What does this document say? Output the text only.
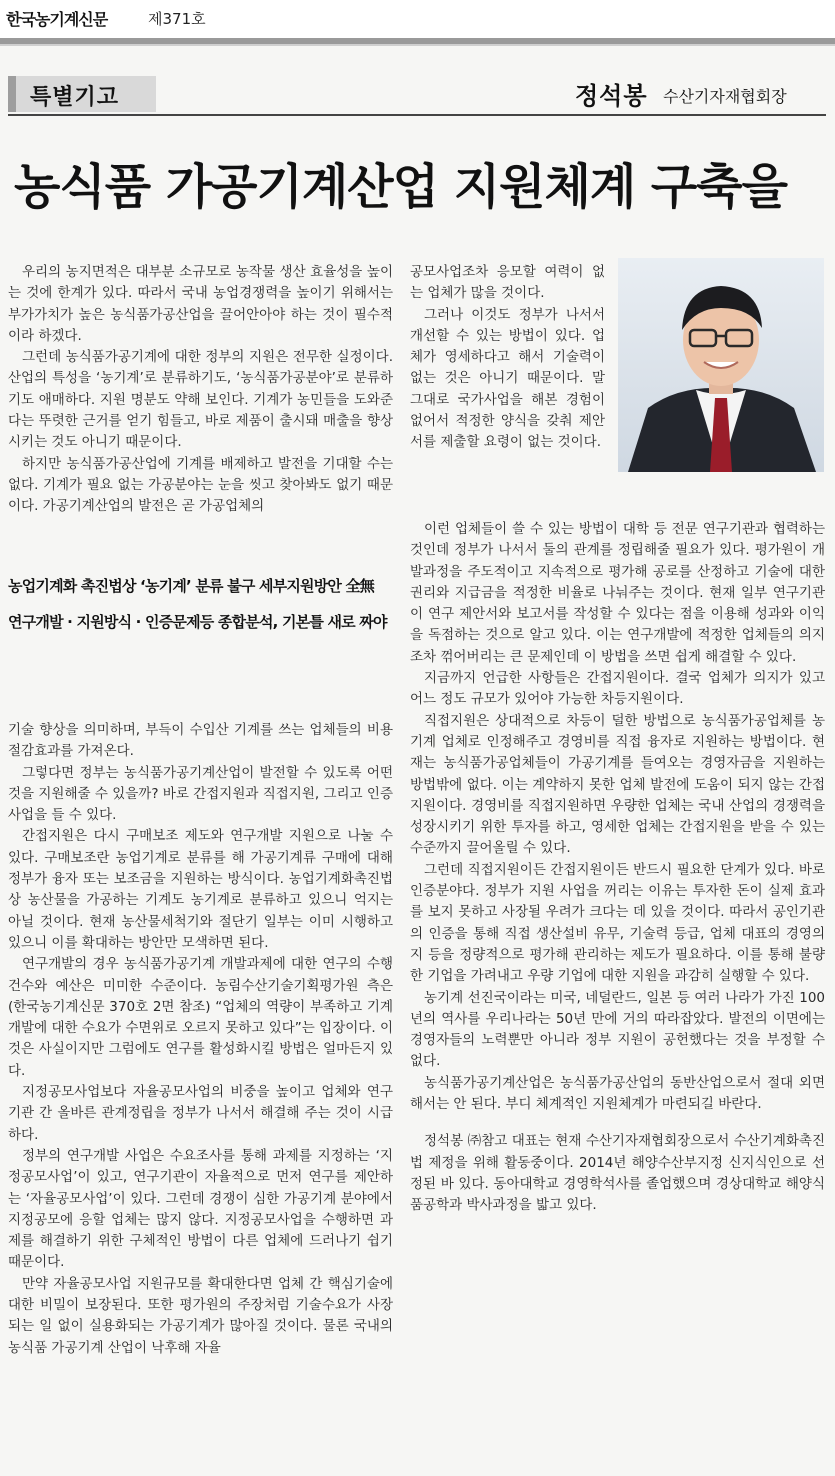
한국농기계신문	제371호
특별기고	정석봉 수산기자재협회장
농식품 가공기계산업 지원체계 구축을

우리의 농지면적은 대부분 소규모로 농작물 생산 효율성을 높이는 것에 한계가 있다. 따라서 국내 농업경쟁력을 높이기 위해서는 부가가치가 높은 농식품가공산업을 끌어안아야 하는 것이 필수적이라 하겠다.

그런데 농식품가공기계에 대한 정부의 지원은 전무한 실정이다. 산업의 특성을 ‘농기계’로 분류하기도, ‘농식품가공분야’로 분류하기도 애매하다. 지원 명분도 약해 보인다. 기계가 농민들을 도와준다는 뚜렷한 근거를 얻기 힘들고, 바로 제품이 출시돼 매출을 향상시키는 것도 아니기 때문이다.

하지만 농식품가공산업에 기계를 배제하고 발전을 기대할 수는 없다. 기계가 필요 없는 가공분야는 눈을 씻고 찾아봐도 없기 때문이다. 가공기계산업의 발전은 곧 가공업체의

농업기계화 촉진법상 ‘농기계’ 분류 불구 세부지원방안 全無
연구개발 · 지원방식 · 인증문제등 종합분석, 기본틀 새로 짜야

기술 향상을 의미하며, 부득이 수입산 기계를 쓰는 업체들의 비용 절감효과를 가져온다.

그렇다면 정부는 농식품가공기계산업이 발전할 수 있도록 어떤 것을 지원해줄 수 있을까? 바로 간접지원과 직접지원, 그리고 인증사업을 들 수 있다.

간접지원은 다시 구매보조 제도와 연구개발 지원으로 나눌 수 있다. 구매보조란 농업기계로 분류를 해 가공기계류 구매에 대해 정부가 융자 또는 보조금을 지원하는 방식이다. 농업기계화촉진법상 농산물을 가공하는 기계도 농기계로 분류하고 있으니 억지는 아닐 것이다. 현재 농산물세척기와 절단기 일부는 이미 시행하고 있으니 이를 확대하는 방안만 모색하면 된다.

연구개발의 경우 농식품가공기계 개발과제에 대한 연구의 수행 건수와 예산은 미미한 수준이다. 농림수산기술기획평가원 측은 (한국농기계신문 370호 2면 참조) “업체의 역량이 부족하고 기계 개발에 대한 수요가 수면위로 오르지 못하고 있다”는 입장이다. 이것은 사실이지만 그럼에도 연구를 활성화시킬 방법은 얼마든지 있다.

지정공모사업보다 자율공모사업의 비중을 높이고 업체와 연구기관 간 올바른 관계정립을 정부가 나서서 해결해 주는 것이 시급하다.

정부의 연구개발 사업은 수요조사를 통해 과제를 지정하는 ‘지정공모사업’이 있고, 연구기관이 자율적으로 먼저 연구를 제안하는 ‘자율공모사업’이 있다. 그런데 경쟁이 심한 가공기계 분야에서 지정공모에 응할 업체는 많지 않다. 지정공모사업을 수행하면 과제를 해결하기 위한 구체적인 방법이 다른 업체에 드러나기 쉽기 때문이다.

만약 자율공모사업 지원규모를 확대한다면 업체 간 핵심기술에 대한 비밀이 보장된다. 또한 평가원의 주장처럼 기술수요가 사장되는 일 없이 실용화되는 가공기계가 많아질 것이다. 물론 국내의 농식품 가공기계 산업이 낙후해 자율

공모사업조차 응모할 여력이 없는 업체가 많을 것이다.

그러나 이것도 정부가 나서서 개선할 수 있는 방법이 있다. 업체가 영세하다고 해서 기술력이 없는 것은 아니기 때문이다. 말 그대로 국가사업을 해본 경험이 없어서 적정한 양식을 갖춰 제안서를 제출할 요령이 없는 것이다.

이런 업체들이 쓸 수 있는 방법이 대학 등 전문 연구기관과 협력하는 것인데 정부가 나서서 둘의 관계를 정립해줄 필요가 있다. 평가원이 개발과정을 주도적이고 지속적으로 평가해 공로를 산정하고 기술에 대한 권리와 지급금을 적정한 비율로 나눠주는 것이다. 현재 일부 연구기관이 연구 제안서와 보고서를 작성할 수 있다는 점을 이용해 성과와 이익을 독점하는 것으로 알고 있다. 이는 연구개발에 적정한 업체들의 의지조차 꺾어버리는 큰 문제인데 이 방법을 쓰면 쉽게 해결할 수 있다.

지금까지 언급한 사항들은 간접지원이다. 결국 업체가 의지가 있고 어느 정도 규모가 있어야 가능한 차등지원이다.

직접지원은 상대적으로 차등이 덜한 방법으로 농식품가공업체를 농기계 업체로 인정해주고 경영비를 직접 융자로 지원하는 방법이다. 현재는 농식품가공업체들이 가공기계를 들여오는 경영자금을 지원하는 방법밖에 없다. 이는 계약하지 못한 업체 발전에 도움이 되지 않는 간접지원이다. 경영비를 직접지원하면 우량한 업체는 국내 산업의 경쟁력을 성장시키기 위한 투자를 하고, 영세한 업체는 간접지원을 받을 수 있는 수준까지 끌어올릴 수 있다.

그런데 직접지원이든 간접지원이든 반드시 필요한 단계가 있다. 바로 인증분야다. 정부가 지원 사업을 꺼리는 이유는 투자한 돈이 실제 효과를 보지 못하고 사장될 우려가 크다는 데 있을 것이다. 따라서 공인기관의 인증을 통해 직접 생산설비 유무, 기술력 등급, 업체 대표의 경영의지 등을 정량적으로 평가해 관리하는 제도가 필요하다. 이를 통해 불량한 기업을 가려내고 우량 기업에 대한 지원을 과감히 실행할 수 있다.

농기계 선진국이라는 미국, 네덜란드, 일본 등 여러 나라가 가진 100년의 역사를 우리나라는 50년 만에 거의 따라잡았다. 발전의 이면에는 경영자들의 노력뿐만 아니라 정부 지원이 공헌했다는 것을 부정할 수 없다.

농식품가공기계산업은 농식품가공산업의 동반산업으로서 절대 외면해서는 안 된다. 부디 체계적인 지원체계가 마련되길 바란다.

정석봉 ㈜참고 대표는 현재 수산기자재협회장으로서 수산기계화촉진법 제정을 위해 활동중이다. 2014년 해양수산부지정 신지식인으로 선정된 바 있다. 동아대학교 경영학석사를 졸업했으며 경상대학교 해양식품공학과 박사과정을 밟고 있다.
